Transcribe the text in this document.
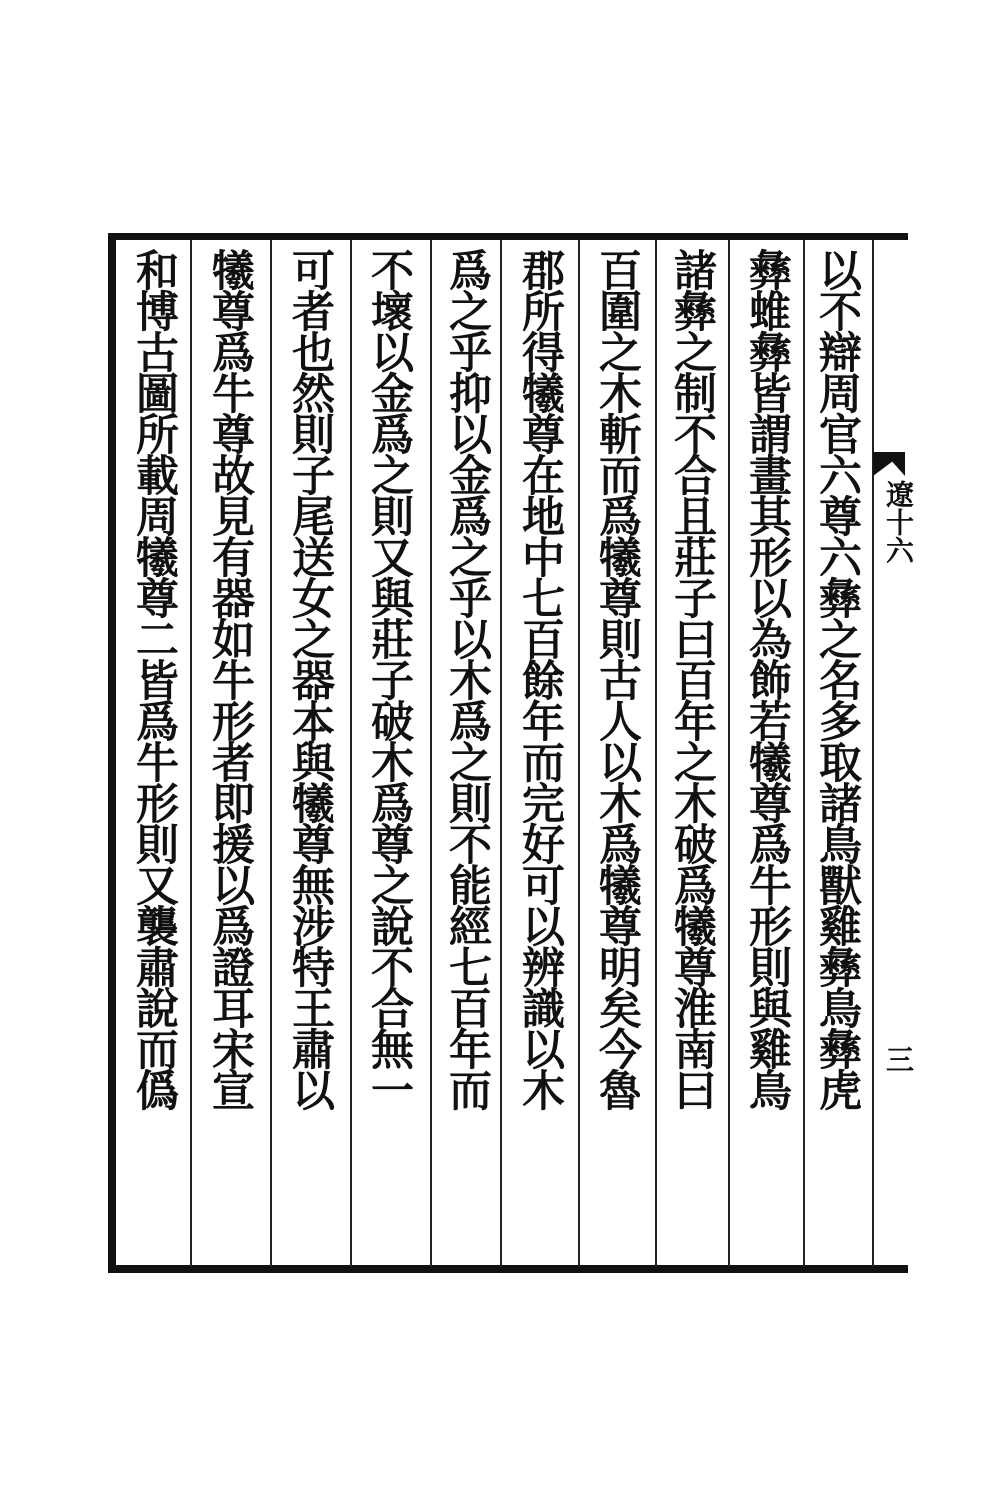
以不辯周官六尊六彝之名多取諸鳥獸雞彝鳥彝虎
彝蜼彝皆謂畫其形以為飾若犧尊爲牛形則與雞鳥
諸彝之制不合且莊子曰百年之木破爲犧尊淮南曰
百圍之木斬而爲犧尊則古人以木爲犧尊明矣今魯
郡所得犧尊在地中七百餘年而完好可以辨識以木
爲之乎抑以金爲之乎以木爲之則不能經七百年而
不壞以金爲之則又與莊子破木爲尊之說不合無一
可者也然則子尾送女之器本與犧尊無涉特王肅以
犧尊爲牛尊故見有器如牛形者即援以爲證耳宋宣
和博古圖所載周犧尊二皆爲牛形則又襲肅說而僞	遼十六
三
